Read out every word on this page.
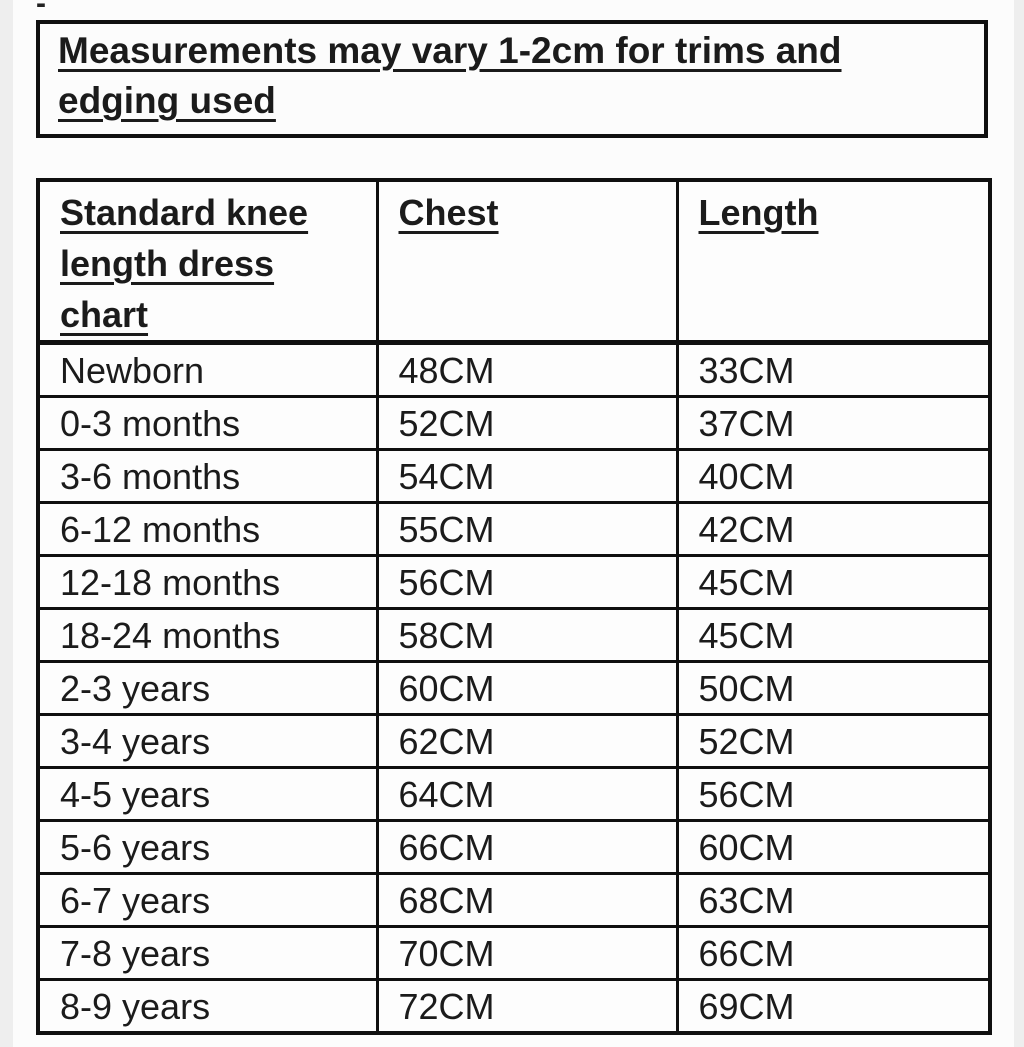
-
Measurements may vary 1-2cm for trims and edging used
Standard knee length dress chart	Chest	Length
Newborn	48CM	33CM
0-3 months	52CM	37CM
3-6 months	54CM	40CM
6-12 months	55CM	42CM
12-18 months	56CM	45CM
18-24 months	58CM	45CM
2-3 years	60CM	50CM
3-4 years	62CM	52CM
4-5 years	64CM	56CM
5-6 years	66CM	60CM
6-7 years	68CM	63CM
7-8 years	70CM	66CM
8-9 years	72CM	69CM
